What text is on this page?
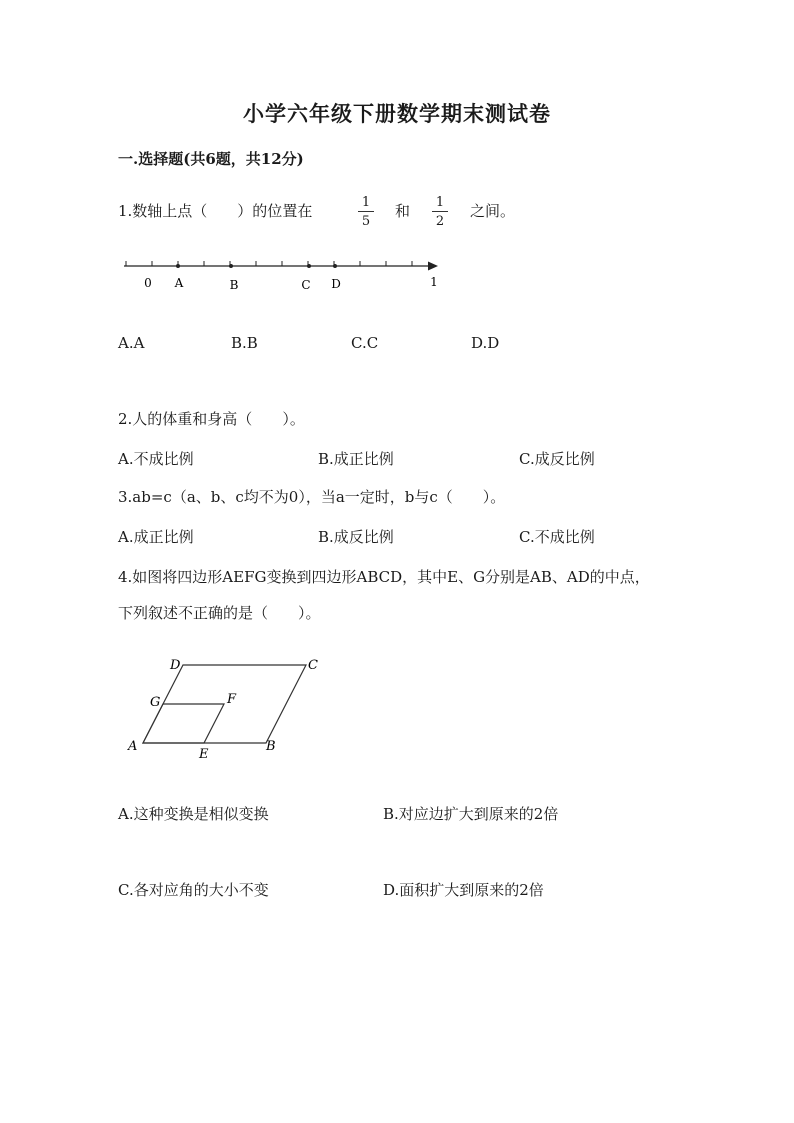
小学六年级下册数学期末测试卷
一.选择题(共6题，共12分)
1.数轴上点（　　）的位置在	$\frac{1}{5}$ 和 $\frac{1}{2}$ 之间。
0 A	B	C D	1
A.A	B.B	C.C	D.D
2.人的体重和身高（　　）。
A.不成比例	B.成正比例	C.成反比例
3.ab=c（a、b、c均不为0），当a一定时，b与c（　　）。
A.成正比例	B.成反比例	C.不成比例
4.如图将四边形AEFG变换到四边形ABCD，其中E、G分别是AB、AD的中点，
下列叙述不正确的是（　　）。
D	C
G	F
A
E
B
A.这种变换是相似变换	B.对应边扩大到原来的2倍
C.各对应角的大小不变	D.面积扩大到原来的2倍
